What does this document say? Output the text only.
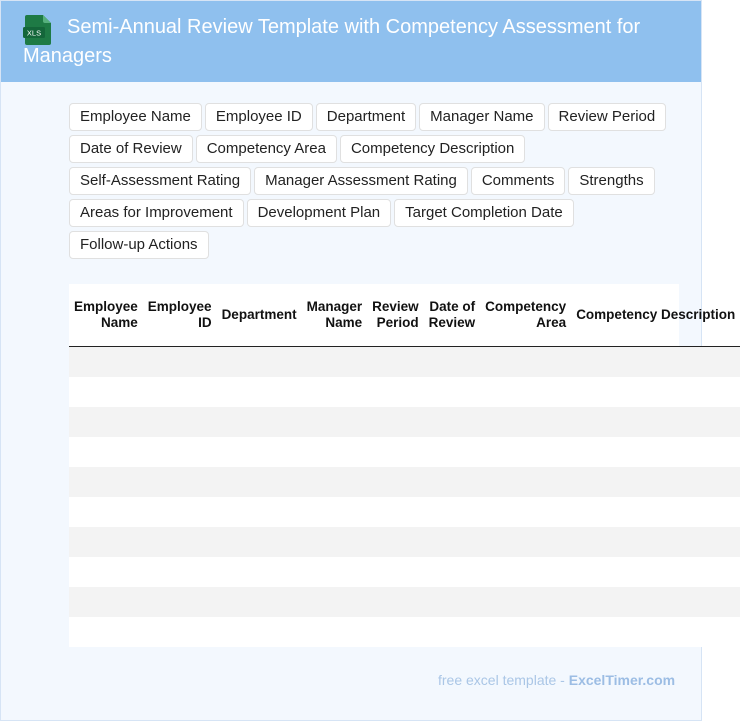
XLS	Semi-Annual Review Template with Competency Assessment for Managers
Employee Name	Employee ID	Department	Manager Name	Review Period
Date of Review	Competency Area	Competency Description
Self-Assessment Rating	Manager Assessment Rating	Comments	Strengths
Areas for Improvement	Development Plan	Target Completion Date
Follow-up Actions
Employee Name	Employee ID	Department	Manager Name	Review Period	Date of Review	Competency Area	Competency Description

free excel template - ExcelTimer.com
